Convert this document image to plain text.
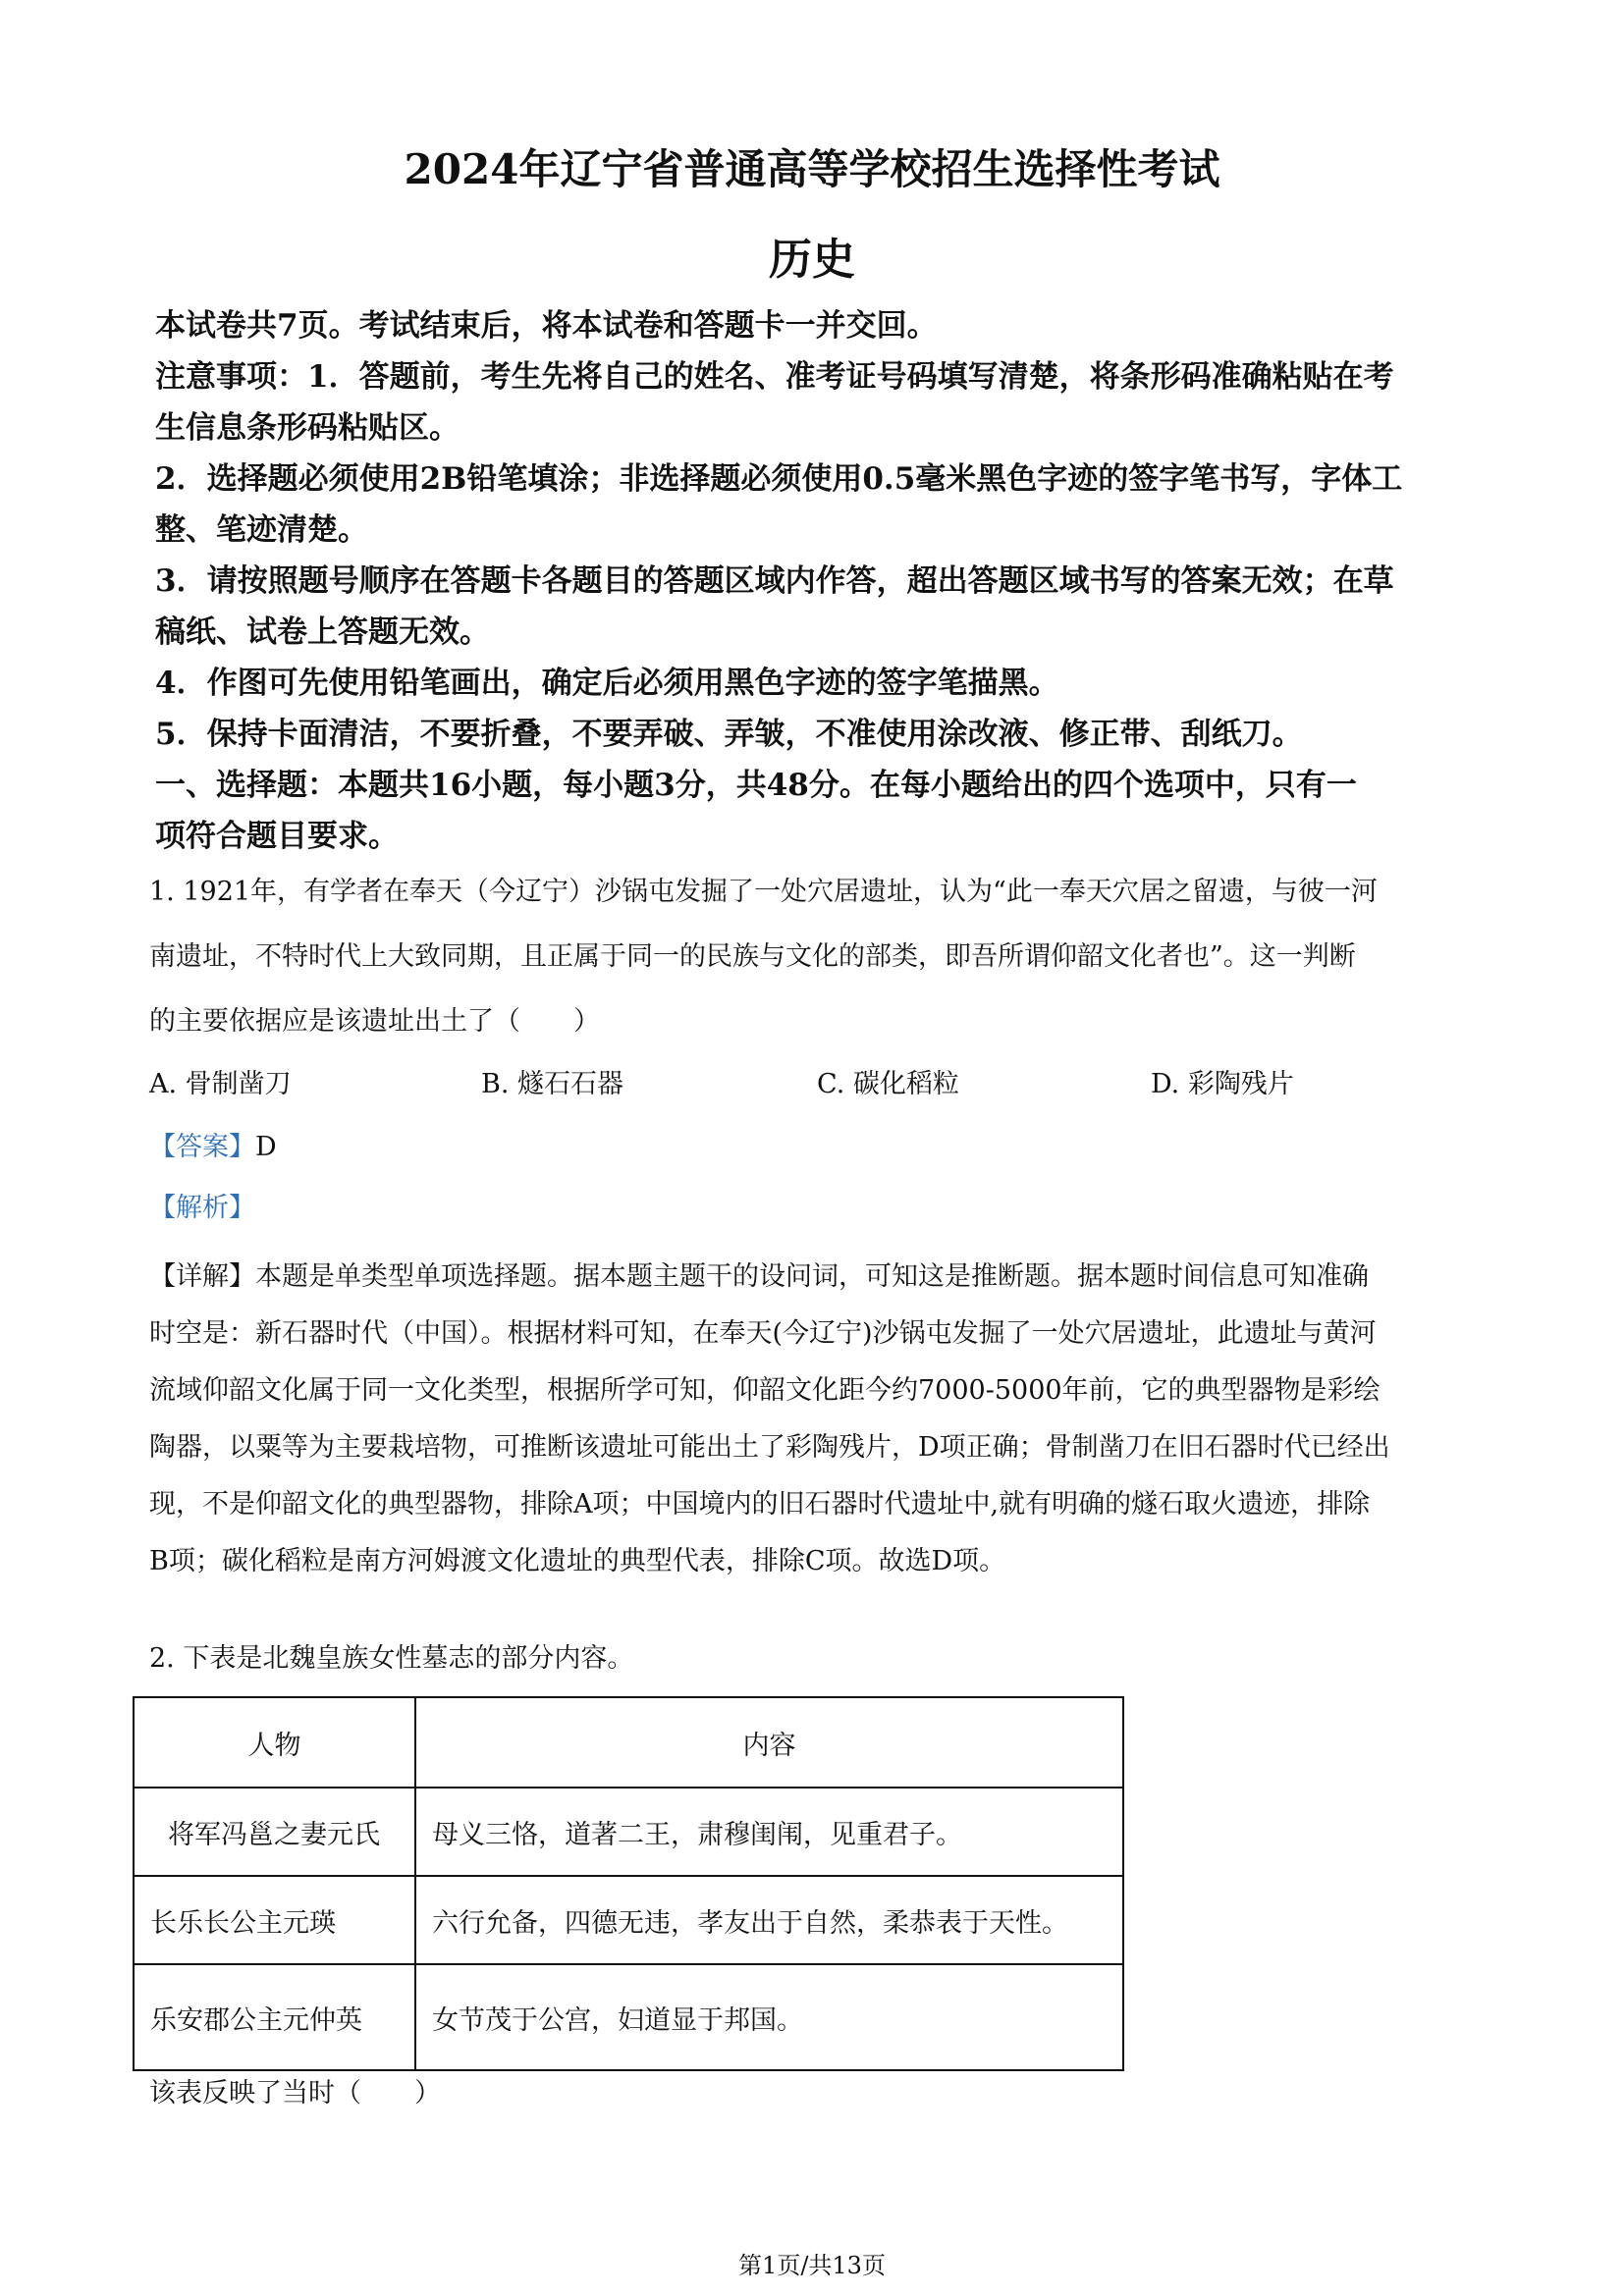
2024年辽宁省普通高等学校招生选择性考试
历史

本试卷共7页。考试结束后，将本试卷和答题卡一并交回。

注意事项：1．答题前，考生先将自己的姓名、准考证号码填写清楚，将条形码准确粘贴在考

生信息条形码粘贴区。

2．选择题必须使用2B铅笔填涂；非选择题必须使用0.5毫米黑色字迹的签字笔书写，字体工

整、笔迹清楚。

3．请按照题号顺序在答题卡各题目的答题区域内作答，超出答题区域书写的答案无效；在草

稿纸、试卷上答题无效。

4．作图可先使用铅笔画出，确定后必须用黑色字迹的签字笔描黑。

5．保持卡面清洁，不要折叠，不要弄破、弄皱，不准使用涂改液、修正带、刮纸刀。

一、选择题：本题共16小题，每小题3分，共48分。在每小题给出的四个选项中，只有一

项符合题目要求。

1. 1921年，有学者在奉天（今辽宁）沙锅屯发掘了一处穴居遗址，认为“此一奉天穴居之留遗，与彼一河

南遗址，不特时代上大致同期，且正属于同一的民族与文化的部类，即吾所谓仰韶文化者也”。这一判断

的主要依据应是该遗址出土了（　　）

A. 骨制凿刀	B. 燧石石器	C. 碳化稻粒	D. 彩陶残片

【答案】D

【解析】

【详解】本题是单类型单项选择题。据本题主题干的设问词，可知这是推断题。据本题时间信息可知准确

时空是：新石器时代（中国）。根据材料可知，在奉天(今辽宁)沙锅屯发掘了一处穴居遗址，此遗址与黄河

流域仰韶文化属于同一文化类型，根据所学可知，仰韶文化距今约7000-5000年前，它的典型器物是彩绘

陶器，以粟等为主要栽培物，可推断该遗址可能出土了彩陶残片，D项正确；骨制凿刀在旧石器时代已经出

现，不是仰韶文化的典型器物，排除A项；中国境内的旧石器时代遗址中,就有明确的燧石取火遗迹，排除

B项；碳化稻粒是南方河姆渡文化遗址的典型代表，排除C项。故选D项。

2. 下表是北魏皇族女性墓志的部分内容。

人物	内容
将军冯邕之妻元氏	母义三恪，道著二王，肃穆闺闱，见重君子。
长乐长公主元瑛	六行允备，四德无违，孝友出于自然，柔恭表于天性。
乐安郡公主元仲英	女节茂于公宫，妇道显于邦国。

该表反映了当时（　　）

第1页/共13页
